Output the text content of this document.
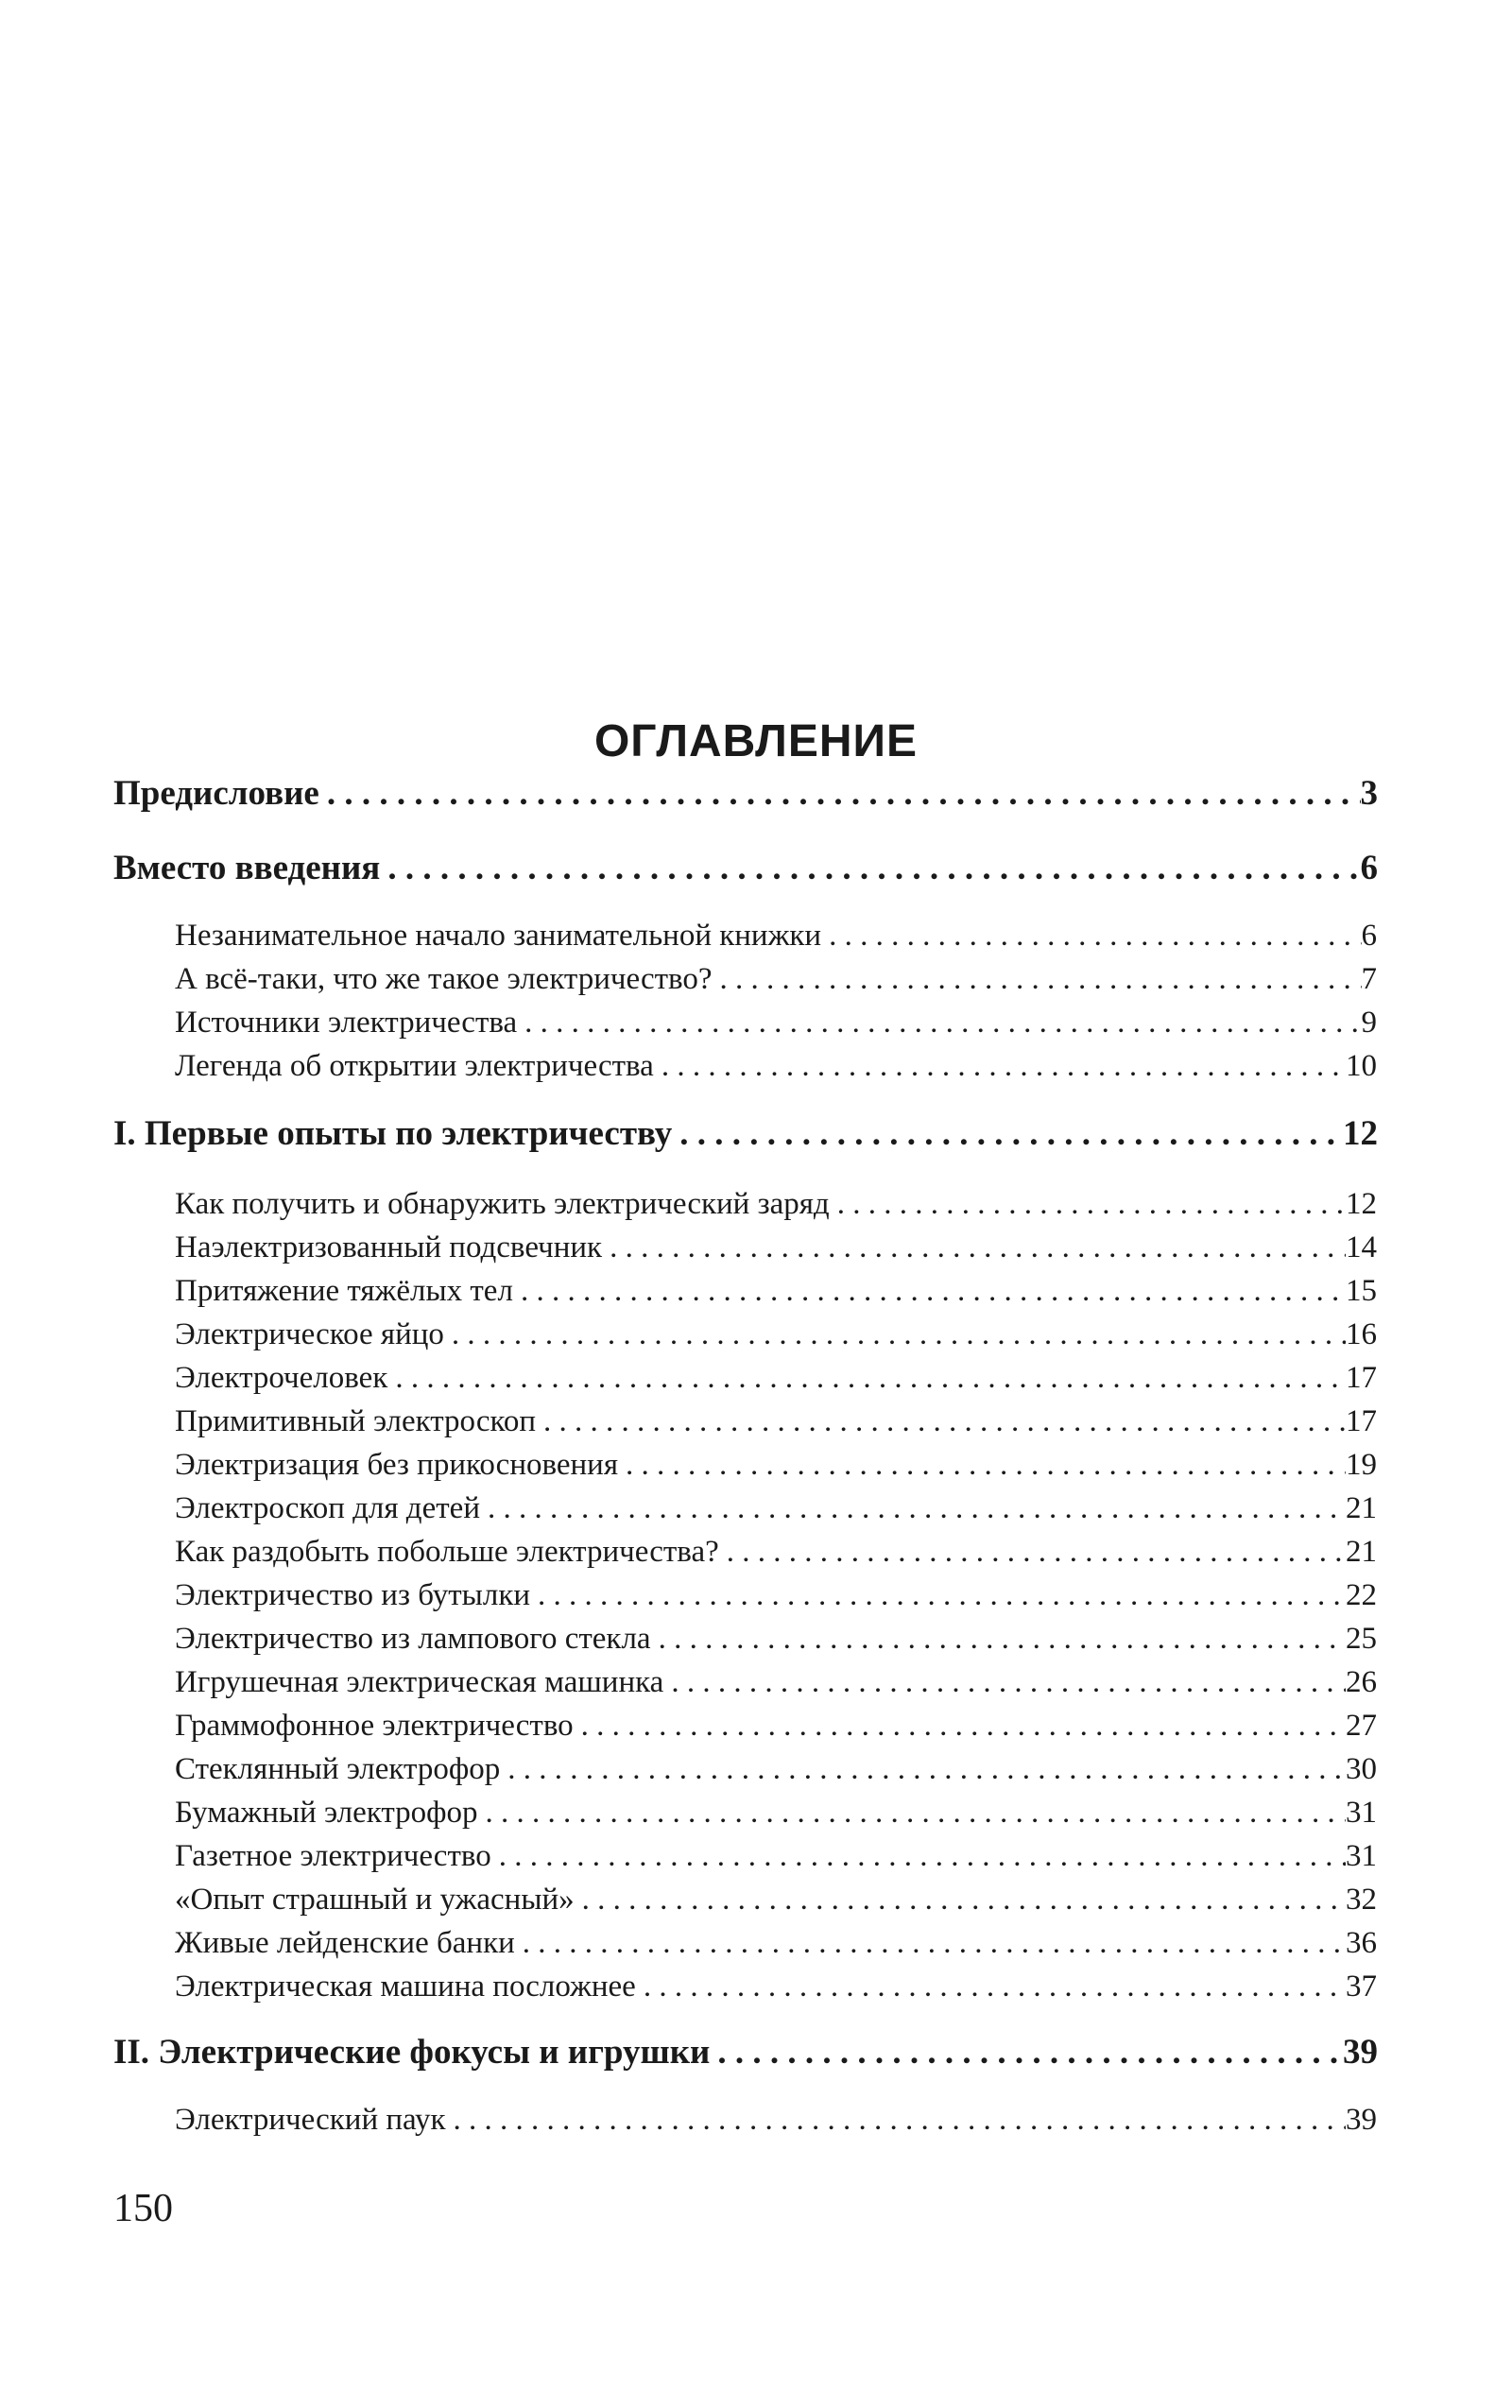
ОГЛАВЛЕНИЕ
Предисловие . . .	3
Вместо введения . . .	6
Незанимательное начало занимательной книжки . . .	6
А всё-таки, что же такое электричество? . . .	7
Источники электричества . . .	9
Легенда об открытии электричества . . .	10
I. Первые опыты по электричеству . . .	12
Как получить и обнаружить электрический заряд . . .	12
Наэлектризованный подсвечник . . .	14
Притяжение тяжёлых тел . . .	15
Электрическое яйцо . . .	16
Электрочеловек . . .	17
Примитивный электроскоп . . .	17
Электризация без прикосновения . . .	19
Электроскоп для детей . . .	21
Как раздобыть побольше электричества? . . .	21
Электричество из бутылки . . .	22
Электричество из лампового стекла . . .	25
Игрушечная электрическая машинка . . .	26
Граммофонное электричество . . .	27
Стеклянный электрофор . . .	30
Бумажный электрофор . . .	31
Газетное электричество . . .	31
«Опыт страшный и ужасный» . . .	32
Живые лейденские банки . . .	36
Электрическая машина посложнее . . .	37
II. Электрические фокусы и игрушки . . .	39
Электрический паук . . .	39
150
